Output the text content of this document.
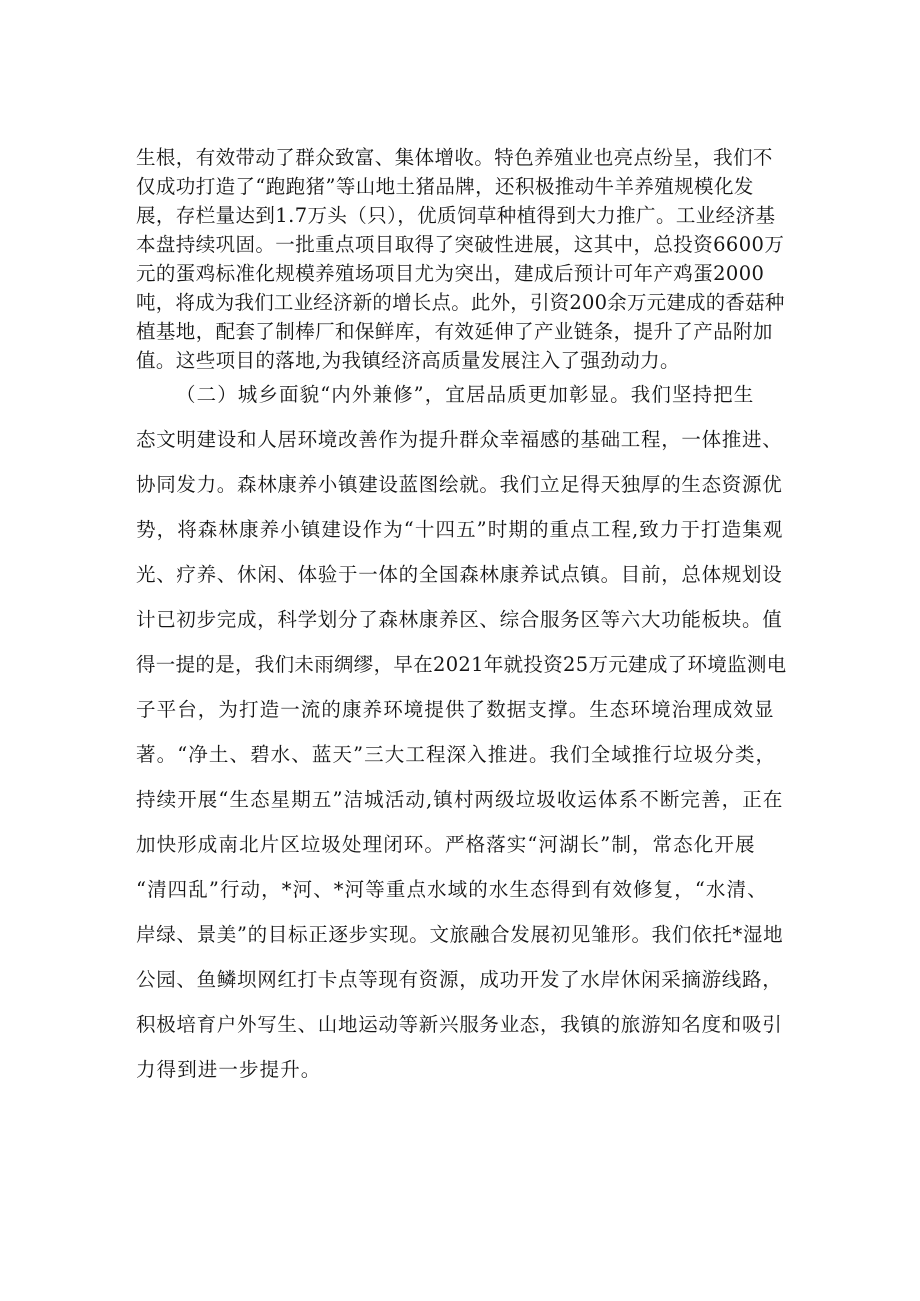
生根，有效带动了群众致富、集体增收。特色养殖业也亮点纷呈，我们不
仅成功打造了“跑跑猪”等山地土猪品牌，还积极推动牛羊养殖规模化发
展，存栏量达到1.7万头（只），优质饲草种植得到大力推广。工业经济基
本盘持续巩固。一批重点项目取得了突破性进展，这其中，总投资6600万
元的蛋鸡标准化规模养殖场项目尤为突出，建成后预计可年产鸡蛋2000
吨，将成为我们工业经济新的增长点。此外，引资200余万元建成的香菇种
植基地，配套了制棒厂和保鲜库，有效延伸了产业链条，提升了产品附加
值。这些项目的落地,为我镇经济高质量发展注入了强劲动力。
（二）城乡面貌“内外兼修”，宜居品质更加彰显。我们坚持把生
态文明建设和人居环境改善作为提升群众幸福感的基础工程，一体推进、
协同发力。森林康养小镇建设蓝图绘就。我们立足得天独厚的生态资源优
势，将森林康养小镇建设作为“十四五”时期的重点工程,致力于打造集观
光、疗养、休闲、体验于一体的全国森林康养试点镇。目前，总体规划设
计已初步完成，科学划分了森林康养区、综合服务区等六大功能板块。值
得一提的是，我们未雨绸缪，早在2021年就投资25万元建成了环境监测电
子平台，为打造一流的康养环境提供了数据支撑。生态环境治理成效显
著。“净土、碧水、蓝天”三大工程深入推进。我们全域推行垃圾分类，
持续开展“生态星期五”洁城活动,镇村两级垃圾收运体系不断完善，正在
加快形成南北片区垃圾处理闭环。严格落实“河湖长”制，常态化开展
“清四乱”行动，*河、*河等重点水域的水生态得到有效修复，“水清、
岸绿、景美”的目标正逐步实现。文旅融合发展初见雏形。我们依托*湿地
公园、鱼鳞坝网红打卡点等现有资源，成功开发了水岸休闲采摘游线路，
积极培育户外写生、山地运动等新兴服务业态，我镇的旅游知名度和吸引
力得到进一步提升。
